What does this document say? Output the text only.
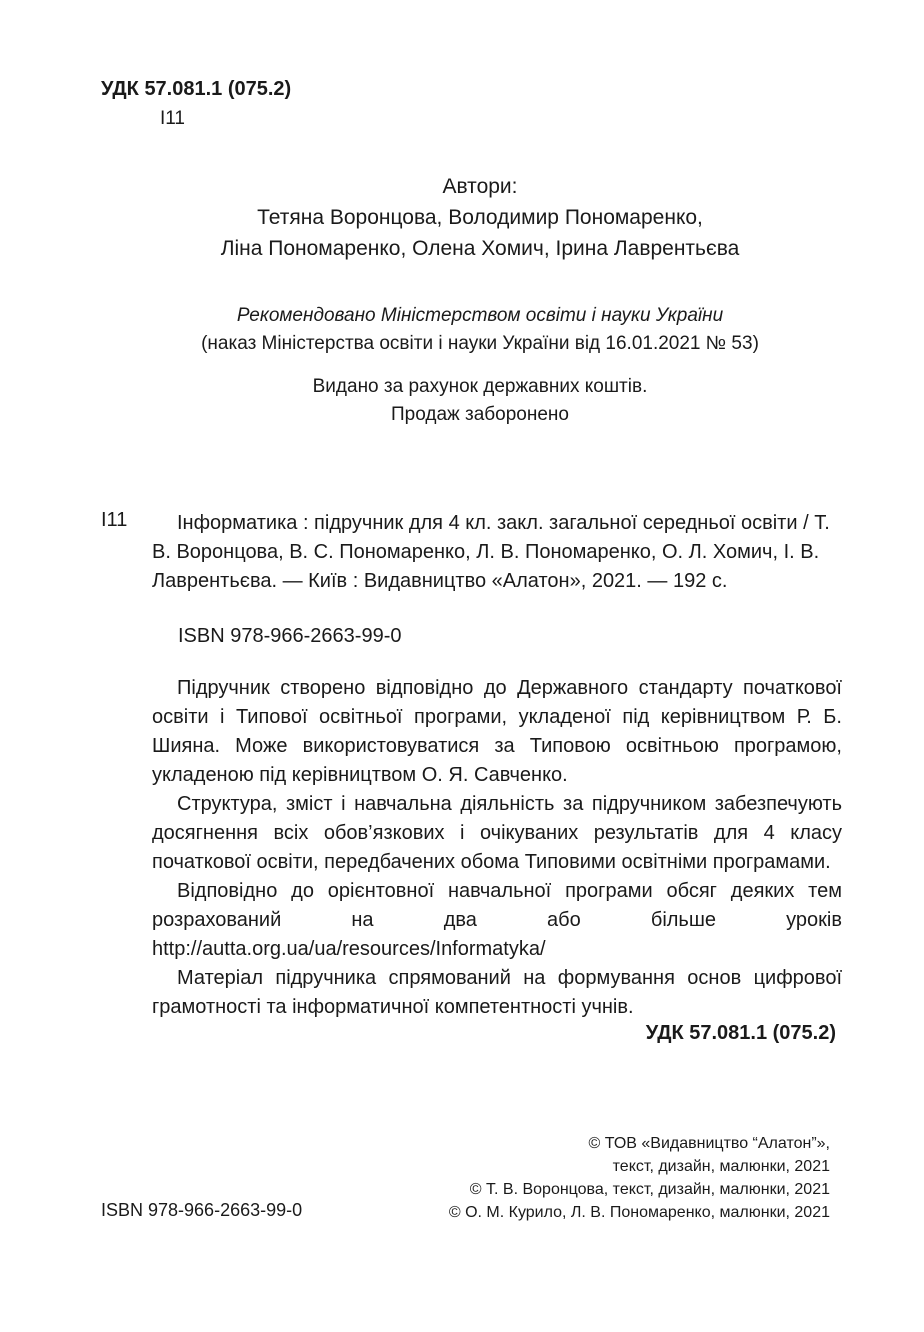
УДК 57.081.1 (075.2)
І11
Автори:
Тетяна Воронцова, Володимир Пономаренко,
Ліна Пономаренко, Олена Хомич, Ірина Лаврентьєва
Рекомендовано Міністерством освіти і науки України
(наказ Міністерства освіти і науки України від 16.01.2021 № 53)
Видано за рахунок державних коштів.
Продаж заборонено
І11	Інформатика : підручник для 4 кл. закл. загальної середньої освіти / Т. В. Воронцова, В. С. Пономаренко, Л. В. Пономаренко, О. Л. Хомич, І. В. Лаврентьєва. — Київ : Видавництво «Алатон», 2021. — 192 с.
ISBN 978-966-2663-99-0

Підручник створено відповідно до Державного стандарту початкової освіти і Типової освітньої програми, укладеної під керівництвом Р. Б. Шияна. Може використовуватися за Типовою освітньою програмою, укладеною під керівництвом О. Я. Савченко.

Структура, зміст і навчальна діяльність за підручником забезпечують досягнення всіх обов’язкових і очікуваних результатів для 4 класу початкової освіти, передбачених обома Типовими освітніми програмами.

Відповідно до орієнтовної навчальної програми обсяг деяких тем розрахований на два або більше уроків http://autta.org.ua/ua/resources/Informatyka/

Матеріал підручника спрямований на формування основ цифрової грамотності та інформатичної компетентності учнів.

УДК 57.081.1 (075.2)
© ТОВ «Видавництво “Алатон”»,
текст, дизайн, малюнки, 2021
© Т. В. Воронцова, текст, дизайн, малюнки, 2021
© О. М. Курило, Л. В. Пономаренко, малюнки, 2021
ISBN 978-966-2663-99-0
